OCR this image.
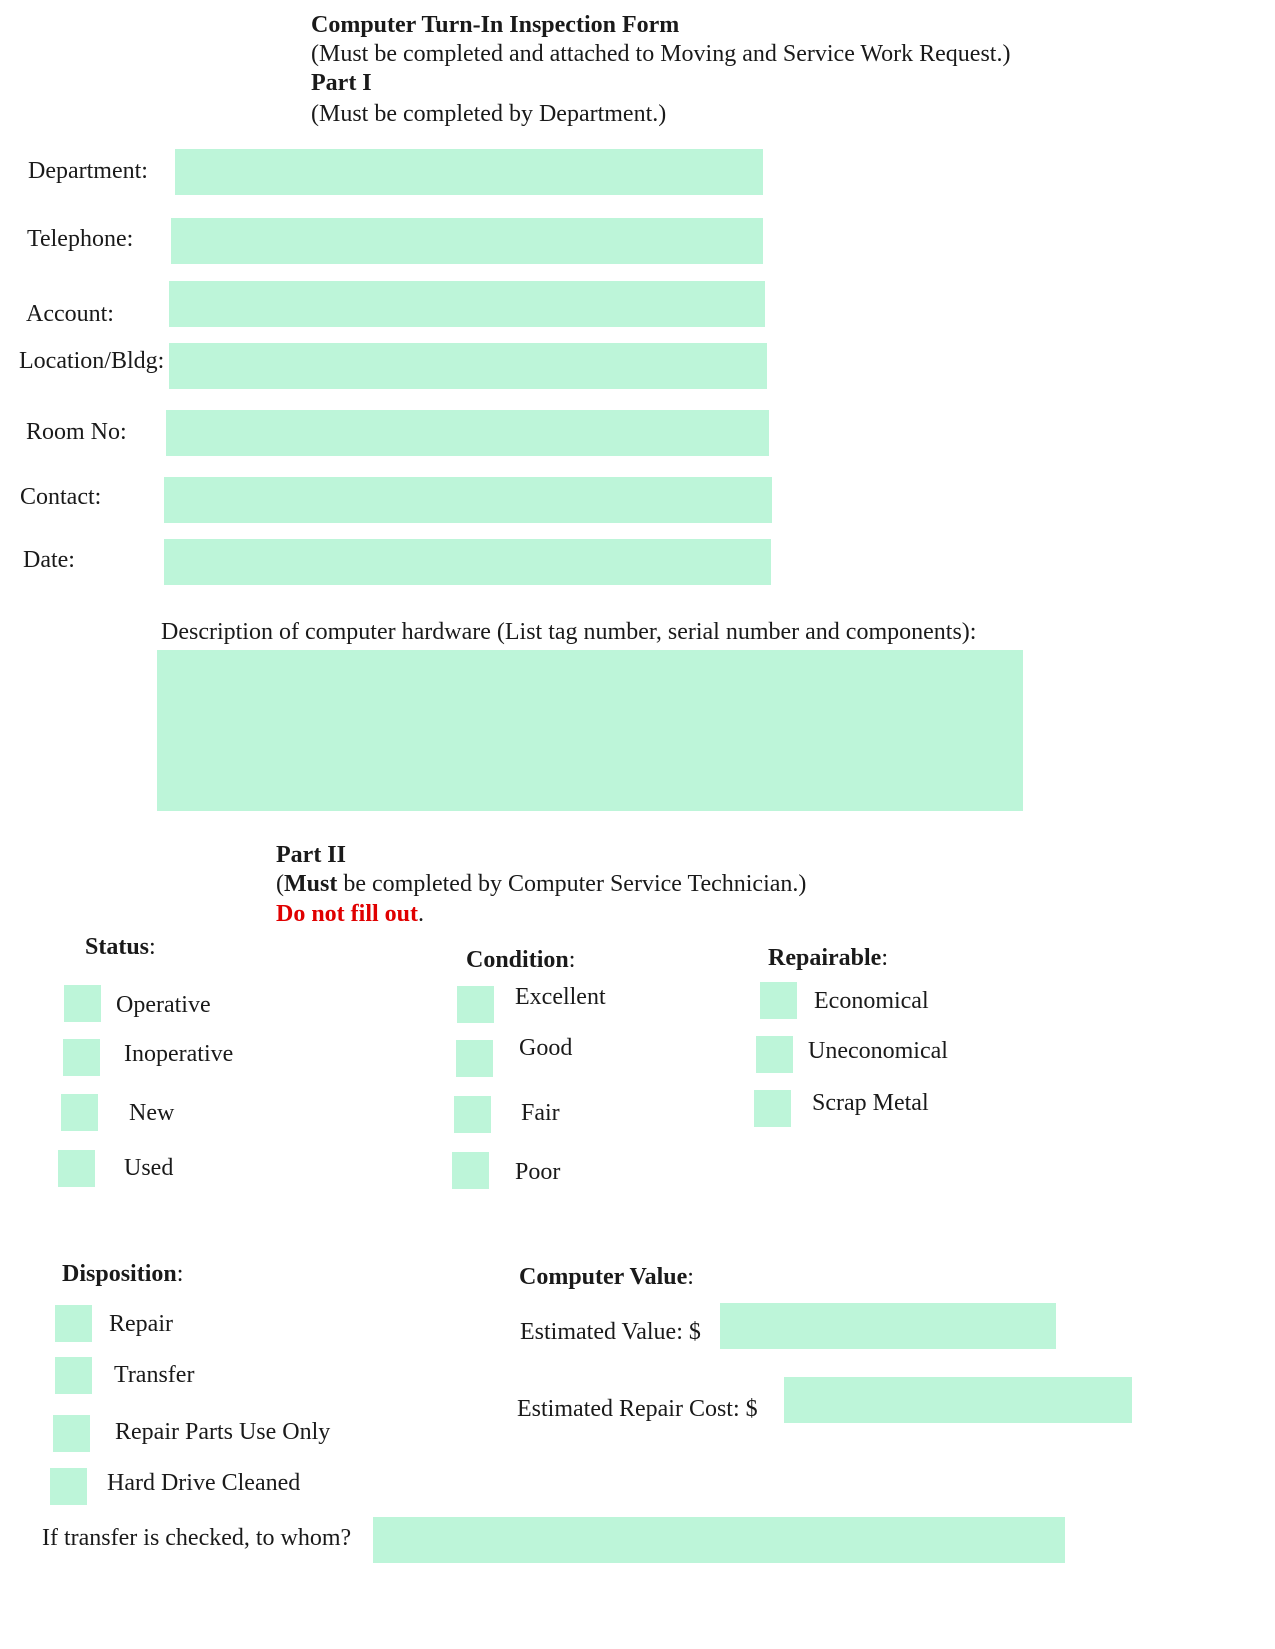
Computer Turn-In Inspection Form
(Must be completed and attached to Moving and Service Work Request.)
Part I
(Must be completed by Department.)
Department:
Telephone:
Account:
Location/Bldg:
Room No:
Contact:
Date:
Description of computer hardware (List tag number, serial number and components):
Part II
(Must be completed by Computer Service Technician.)
Do not fill out.
Status:
Operative
Inoperative
New
Used
Condition:
Excellent
Good
Fair
Poor
Repairable:
Economical
Uneconomical
Scrap Metal
Disposition:
Repair
Transfer
Repair Parts Use Only
Hard Drive Cleaned
If transfer is checked, to whom?
Computer Value:
Estimated Value: $
Estimated Repair Cost: $
